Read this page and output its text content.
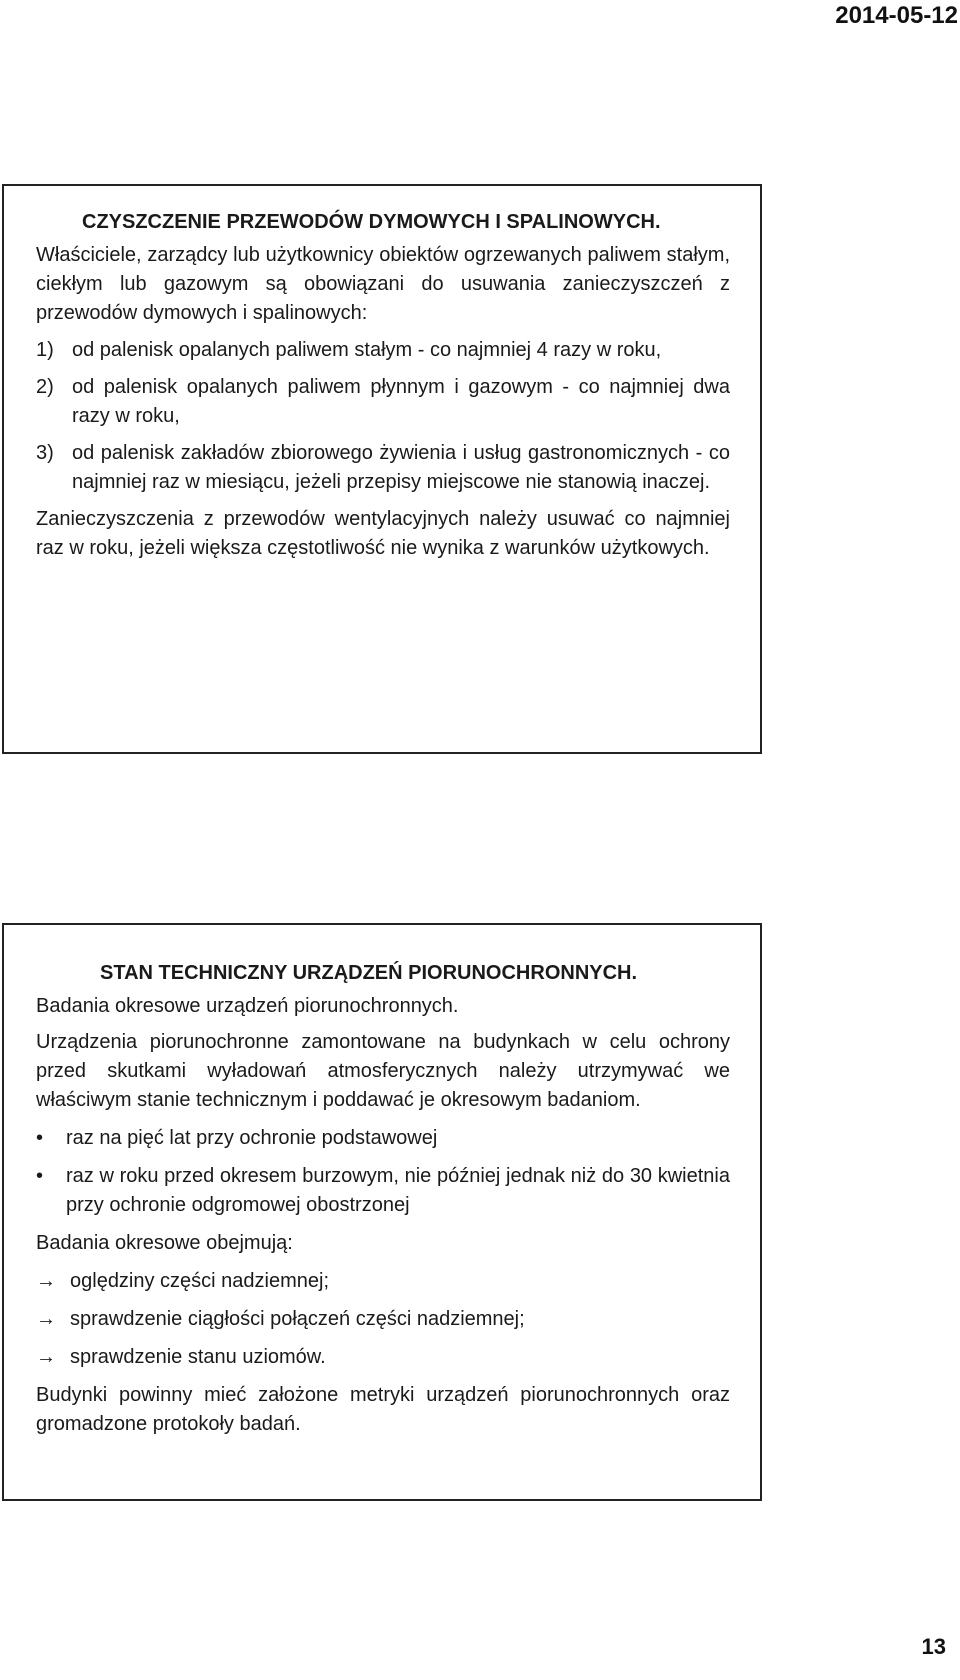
2014-05-12
CZYSZCZENIE PRZEWODÓW DYMOWYCH I SPALINOWYCH.

Właściciele, zarządcy lub użytkownicy obiektów ogrzewanych paliwem stałym, ciekłym lub gazowym są obowiązani do usuwania zanieczyszczeń z przewodów dymowych i spalinowych:

1) od palenisk opalanych paliwem stałym - co najmniej 4 razy w roku,
2) od palenisk opalanych paliwem płynnym i gazowym - co najmniej dwa razy w roku,
3) od palenisk zakładów zbiorowego żywienia i usług gastronomicznych - co najmniej raz w miesiącu, jeżeli przepisy miejscowe nie stanowią inaczej.

Zanieczyszczenia z przewodów wentylacyjnych należy usuwać co najmniej raz w roku, jeżeli większa częstotliwość nie wynika z warunków użytkowych.

STAN TECHNICZNY URZĄDZEŃ PIORUNOCHRONNYCH.

Badania okresowe urządzeń piorunochronnych.

Urządzenia piorunochronne zamontowane na budynkach w celu ochrony przed skutkami wyładowań atmosferycznych należy utrzymywać we właściwym stanie technicznym i poddawać je okresowym badaniom.

•	raz na pięć lat przy ochronie podstawowej
•	raz w roku przed okresem burzowym, nie później jednak niż do 30 kwietnia przy ochronie odgromowej obostrzonej

Badania okresowe obejmują:

→ oględziny części nadziemnej;
→ sprawdzenie ciągłości połączeń części nadziemnej;
→ sprawdzenie stanu uziomów.

Budynki powinny mieć założone metryki urządzeń piorunochronnych oraz gromadzone protokoły badań.

13
